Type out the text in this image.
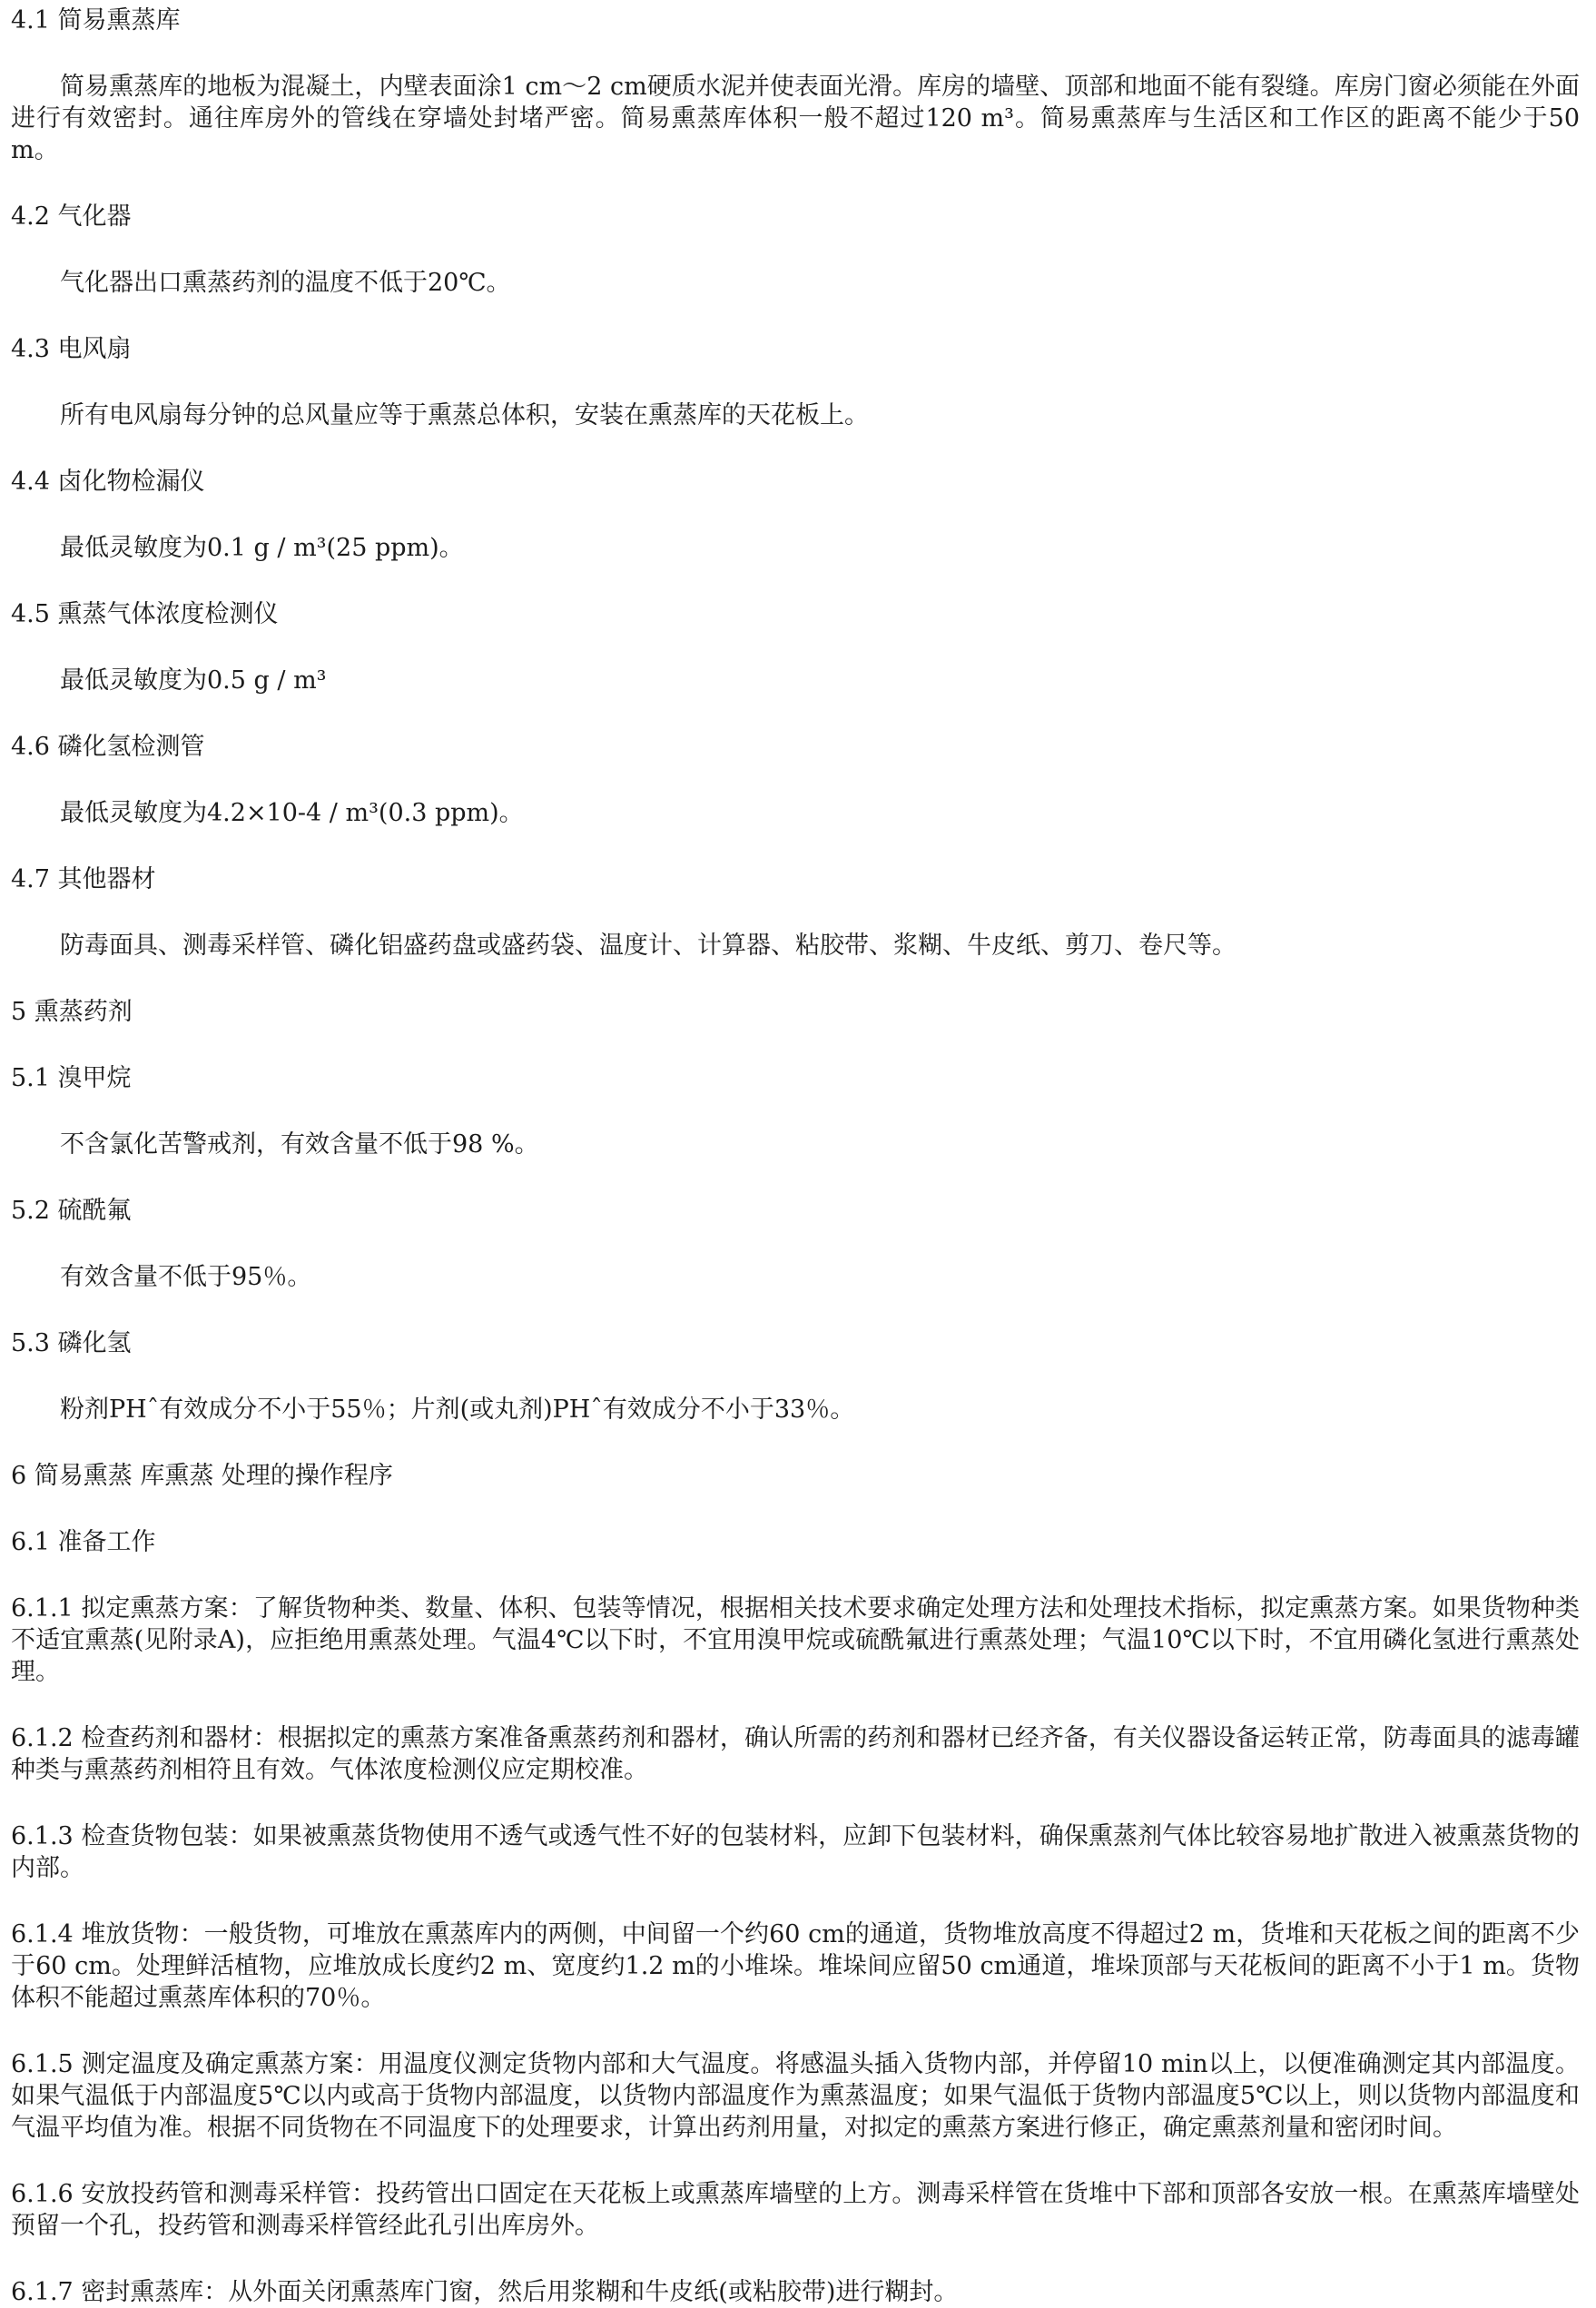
4.1 简易熏蒸库

简易熏蒸库的地板为混凝土，内壁表面涂1 cm～2 cm硬质水泥并使表面光滑。库房的墙壁、顶部和地面不能有裂缝。库房门窗必须能在外面进行有效密封。通往库房外的管线在穿墙处封堵严密。简易熏蒸库体积一般不超过120 m³。简易熏蒸库与生活区和工作区的距离不能少于50 m。

4.2 气化器

气化器出口熏蒸药剂的温度不低于20℃。

4.3 电风扇

所有电风扇每分钟的总风量应等于熏蒸总体积，安装在熏蒸库的天花板上。

4.4 卤化物检漏仪

最低灵敏度为0.1 g / m³(25 ppm)。

4.5 熏蒸气体浓度检测仪

最低灵敏度为0.5 g / m³

4.6 磷化氢检测管

最低灵敏度为4.2×10-4 / m³(0.3 ppm)。

4.7 其他器材

防毒面具、测毒采样管、磷化铝盛药盘或盛药袋、温度计、计算器、粘胶带、浆糊、牛皮纸、剪刀、卷尺等。

5 熏蒸药剂
5.1 溴甲烷

不含氯化苦警戒剂，有效含量不低于98 %。

5.2 硫酰氟

有效含量不低于95％。

5.3 磷化氢

粉剂PHˆ有效成分不小于55％；片剂(或丸剂)PHˆ有效成分不小于33％。

6 简易熏蒸 库熏蒸 处理的操作程序
6.1 准备工作

6.1.1 拟定熏蒸方案：了解货物种类、数量、体积、包装等情况，根据相关技术要求确定处理方法和处理技术指标，拟定熏蒸方案。如果货物种类不适宜熏蒸(见附录A)，应拒绝用熏蒸处理。气温4℃以下时，不宜用溴甲烷或硫酰氟进行熏蒸处理；气温10℃以下时，不宜用磷化氢进行熏蒸处理。

6.1.2 检查药剂和器材：根据拟定的熏蒸方案准备熏蒸药剂和器材，确认所需的药剂和器材已经齐备，有关仪器设备运转正常，防毒面具的滤毒罐种类与熏蒸药剂相符且有效。气体浓度检测仪应定期校准。

6.1.3 检查货物包装：如果被熏蒸货物使用不透气或透气性不好的包装材料，应卸下包装材料，确保熏蒸剂气体比较容易地扩散进入被熏蒸货物的内部。

6.1.4 堆放货物：一般货物，可堆放在熏蒸库内的两侧，中间留一个约60 cm的通道，货物堆放高度不得超过2 m，货堆和天花板之间的距离不少于60 cm。处理鲜活植物，应堆放成长度约2 m、宽度约1.2 m的小堆垛。堆垛间应留50 cm通道，堆垛顶部与天花板间的距离不小于1 m。货物体积不能超过熏蒸库体积的70％。

6.1.5 测定温度及确定熏蒸方案：用温度仪测定货物内部和大气温度。将感温头插入货物内部，并停留10 min以上，以便准确测定其内部温度。如果气温低于内部温度5℃以内或高于货物内部温度，以货物内部温度作为熏蒸温度；如果气温低于货物内部温度5℃以上，则以货物内部温度和气温平均值为准。根据不同货物在不同温度下的处理要求，计算出药剂用量，对拟定的熏蒸方案进行修正，确定熏蒸剂量和密闭时间。

6.1.6 安放投药管和测毒采样管：投药管出口固定在天花板上或熏蒸库墙壁的上方。测毒采样管在货堆中下部和顶部各安放一根。在熏蒸库墙壁处预留一个孔，投药管和测毒采样管经此孔引出库房外。

6.1.7 密封熏蒸库：从外面关闭熏蒸库门窗，然后用浆糊和牛皮纸(或粘胶带)进行糊封。
